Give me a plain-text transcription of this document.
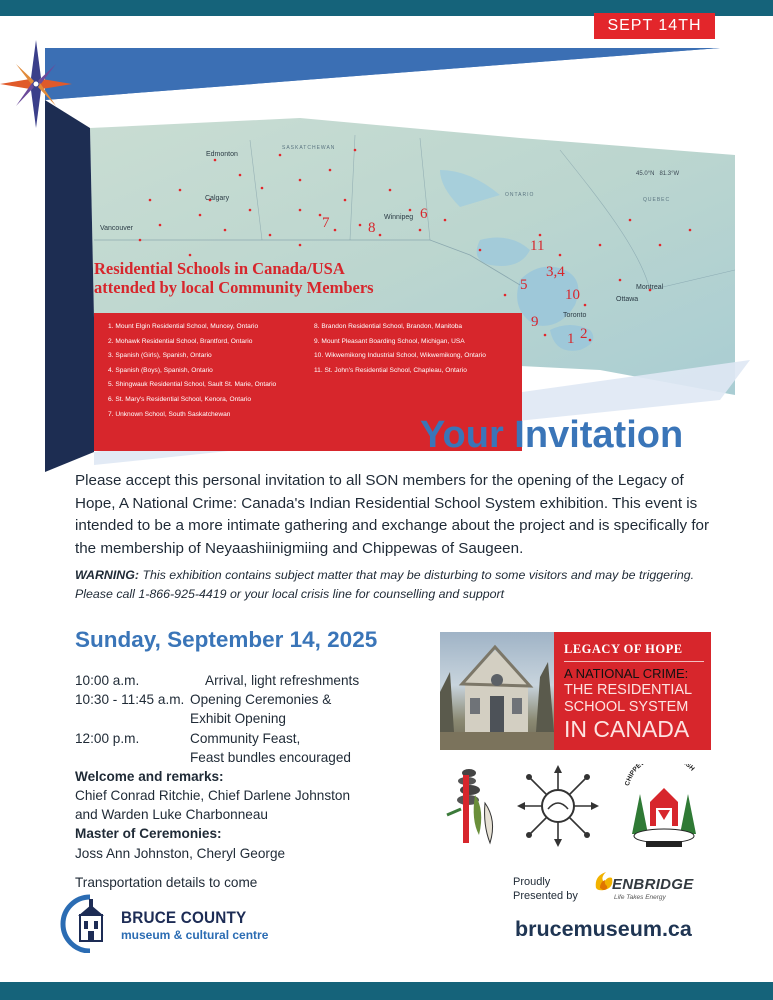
SEPT 14TH
SASKATCHEWAN
ONTARIO
QUEBEC
Edmonton
Calgary
Vancouver
Winnipeg
Toronto
Montreal
Ottawa
7	8
6
11
3,4
5
10
9
1 2
45.0°N 81.3°W
Residential Schools in Canada/USA
attended by local Community Members
1. Mount Elgin Residential School, Muncey, Ontario
2. Mohawk Residential School, Brantford, Ontario
3. Spanish (Girls), Spanish, Ontario
4. Spanish (Boys), Spanish, Ontario
5. Shingwauk Residential School, Sault St. Marie, Ontario
6. St. Mary's Residential School, Kenora, Ontario
7. Unknown School, South Saskatchewan
8. Brandon Residential School, Brandon, Manitoba
9. Mount Pleasant Boarding School, Michigan, USA
10. Wikwemikong Industrial School, Wikwemikong, Ontario
11. St. John's Residential School, Chapleau, Ontario
Your Invitation

Please accept this personal invitation to all SON members for the opening of the Legacy of Hope, A National Crime: Canada's Indian Residential School System exhibition. This event is intended to be a more intimate gathering and exchange about the project and is specifically for the membership of Neyaashiinigmiing and Chippewas of Saugeen.

WARNING: This exhibition contains subject matter that may be disturbing to some visitors and may be triggering. Please call 1-866-925-4419 or your local crisis line for counselling and support

Sunday, September 14, 2025
10:00 a.m.	Arrival, light refreshments
10:30 - 11:45 a.m. Opening Ceremonies &
Exhibit Opening
12:00 p.m.	Community Feast,
Feast bundles encouraged
Welcome and remarks:
Chief Conrad Ritchie, Chief Darlene Johnston
and Warden Luke Charbonneau
Master of Ceremonies:
Joss Ann Johnston, Cheryl George
Transportation details to come
LEGACY OF HOPE
A NATIONAL CRIME:
THE RESIDENTIAL
SCHOOL SYSTEM
IN CANADA
CHIPPE SH
Proudly
Presented by
ENBRIDGE
Life Takes Energy
BRUCE COUNTY
museum & cultural centre	brucemuseum.ca
